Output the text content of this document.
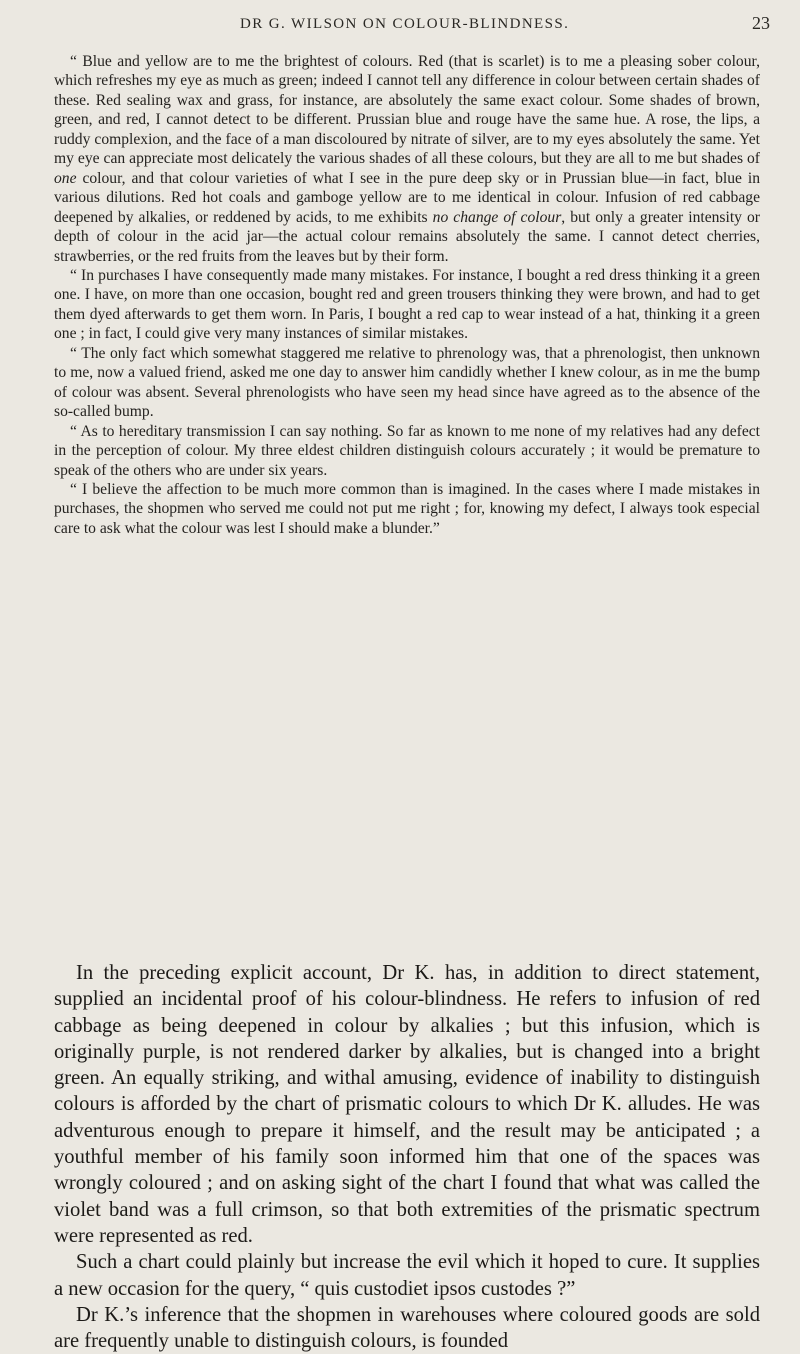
DR G. WILSON ON COLOUR-BLINDNESS.	23

“ Blue and yellow are to me the brightest of colours. Red (that is scarlet) is to me a pleasing sober colour, which refreshes my eye as much as green; indeed I cannot tell any difference in colour between certain shades of these. Red sealing wax and grass, for instance, are absolutely the same exact colour. Some shades of brown, green, and red, I cannot detect to be different. Prussian blue and rouge have the same hue. A rose, the lips, a ruddy complexion, and the face of a man discoloured by nitrate of silver, are to my eyes absolutely the same. Yet my eye can appreciate most delicately the various shades of all these colours, but they are all to me but shades of one colour, and that colour varieties of what I see in the pure deep sky or in Prussian blue—in fact, blue in various dilutions. Red hot coals and gamboge yellow are to me identical in colour. Infusion of red cabbage deepened by alkalies, or reddened by acids, to me exhibits no change of colour, but only a greater intensity or depth of colour in the acid jar—the actual colour remains absolutely the same. I cannot detect cherries, strawberries, or the red fruits from the leaves but by their form.

“ In purchases I have consequently made many mistakes. For instance, I bought a red dress thinking it a green one. I have, on more than one occasion, bought red and green trousers thinking they were brown, and had to get them dyed afterwards to get them worn. In Paris, I bought a red cap to wear instead of a hat, thinking it a green one ; in fact, I could give very many instances of similar mistakes.

“ The only fact which somewhat staggered me relative to phrenology was, that a phrenologist, then unknown to me, now a valued friend, asked me one day to answer him candidly whether I knew colour, as in me the bump of colour was absent. Several phrenologists who have seen my head since have agreed as to the absence of the so-called bump.

“ As to hereditary transmission I can say nothing. So far as known to me none of my relatives had any defect in the perception of colour. My three eldest children distinguish colours accurately ; it would be premature to speak of the others who are under six years.

“ I believe the affection to be much more common than is imagined. In the cases where I made mistakes in purchases, the shopmen who served me could not put me right ; for, knowing my defect, I always took especial care to ask what the colour was lest I should make a blunder.”

In the preceding explicit account, Dr K. has, in addition to direct statement, supplied an incidental proof of his colour-blindness. He refers to infusion of red cabbage as being deepened in colour by alkalies ; but this infusion, which is originally purple, is not rendered darker by alkalies, but is changed into a bright green. An equally striking, and withal amusing, evidence of inability to distinguish colours is afforded by the chart of prismatic colours to which Dr K. alludes. He was adventurous enough to prepare it himself, and the result may be anticipated ; a youthful member of his family soon informed him that one of the spaces was wrongly coloured ; and on asking sight of the chart I found that what was called the violet band was a full crimson, so that both extremities of the prismatic spectrum were represented as red.

Such a chart could plainly but increase the evil which it hoped to cure. It supplies a new occasion for the query, “ quis custodiet ipsos custodes ?”

Dr K.’s inference that the shopmen in warehouses where coloured goods are sold are frequently unable to distinguish colours, is founded
